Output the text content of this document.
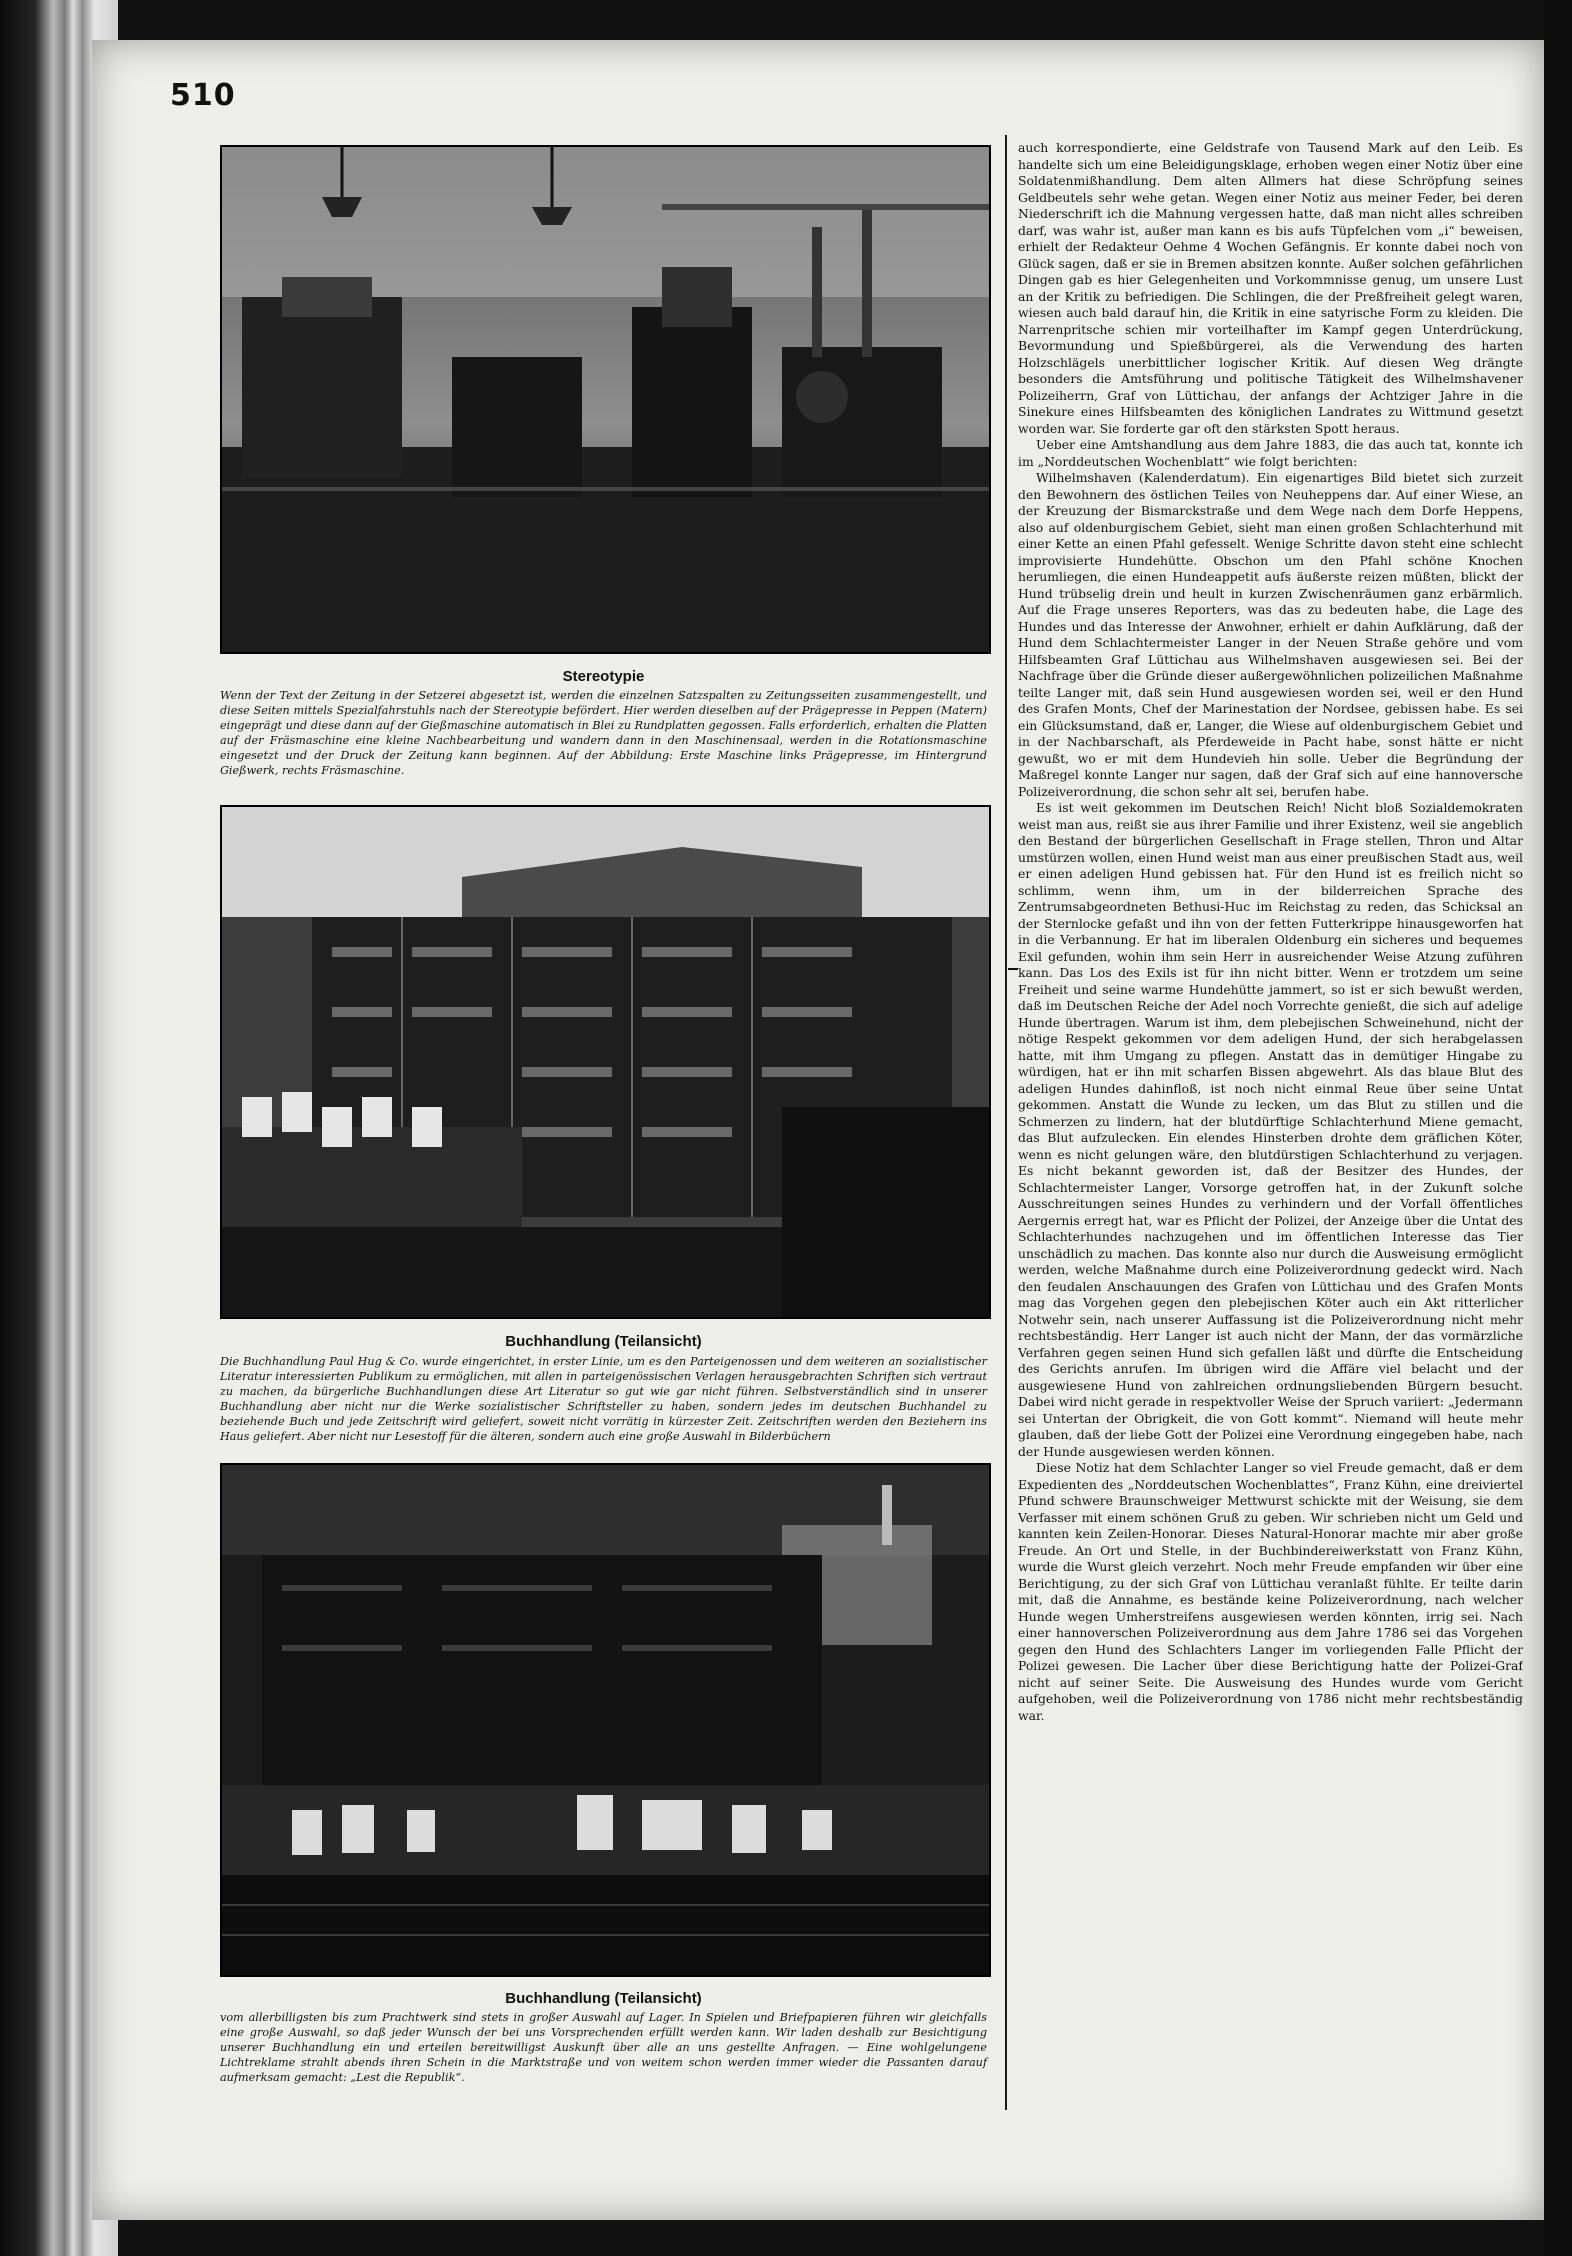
510
Stereotypie
Wenn der Text der Zeitung in der Setzerei abgesetzt ist, werden die einzelnen Satzspalten zu Zeitungsseiten zusammengestellt, und diese Seiten mittels Spezialfahrstuhls nach der Stereotypie befördert. Hier werden dieselben auf der Prägepresse in Peppen (Matern) eingeprägt und diese dann auf der Gießmaschine automatisch in Blei zu Rundplatten gegossen. Falls erforderlich, erhalten die Platten auf der Fräsmaschine eine kleine Nachbearbeitung und wandern dann in den Maschinensaal, werden in die Rotationsmaschine eingesetzt und der Druck der Zeitung kann beginnen. Auf der Abbildung: Erste Maschine links Prägepresse, im Hintergrund Gießwerk, rechts Fräsmaschine.
Buchhandlung (Teilansicht)
Die Buchhandlung Paul Hug & Co. wurde eingerichtet, in erster Linie, um es den Parteigenossen und dem weiteren an sozialistischer Literatur interessierten Publikum zu ermöglichen, mit allen in parteigenössischen Verlagen herausgebrachten Schriften sich vertraut zu machen, da bürgerliche Buchhandlungen diese Art Literatur so gut wie gar nicht führen. Selbstverständlich sind in unserer Buchhandlung aber nicht nur die Werke sozialistischer Schriftsteller zu haben, sondern jedes im deutschen Buchhandel zu beziehende Buch und jede Zeitschrift wird geliefert, soweit nicht vorrätig in kürzester Zeit. Zeitschriften werden den Beziehern ins Haus geliefert. Aber nicht nur Lesestoff für die älteren, sondern auch eine große Auswahl in Bilderbüchern
Buchhandlung (Teilansicht)
vom allerbilligsten bis zum Prachtwerk sind stets in großer Auswahl auf Lager. In Spielen und Briefpapieren führen wir gleichfalls eine große Auswahl, so daß jeder Wunsch der bei uns Vorsprechenden erfüllt werden kann. Wir laden deshalb zur Besichtigung unserer Buchhandlung ein und erteilen bereitwilligst Auskunft über alle an uns gestellte Anfragen. — Eine wohlgelungene Lichtreklame strahlt abends ihren Schein in die Marktstraße und von weitem schon werden immer wieder die Passanten darauf aufmerksam gemacht: „Lest die Republik“.

auch korrespondierte, eine Geldstrafe von Tausend Mark auf den Leib. Es handelte sich um eine Beleidigungsklage, erhoben wegen einer Notiz über eine Soldatenmißhandlung. Dem alten Allmers hat diese Schröpfung seines Geldbeutels sehr wehe getan. Wegen einer Notiz aus meiner Feder, bei deren Niederschrift ich die Mahnung vergessen hatte, daß man nicht alles schreiben darf, was wahr ist, außer man kann es bis aufs Tüpfelchen vom „i“ beweisen, erhielt der Redakteur Oehme 4 Wochen Gefängnis. Er konnte dabei noch von Glück sagen, daß er sie in Bremen absitzen konnte. Außer solchen gefährlichen Dingen gab es hier Gelegenheiten und Vorkommnisse genug, um unsere Lust an der Kritik zu befriedigen. Die Schlingen, die der Preßfreiheit gelegt waren, wiesen auch bald darauf hin, die Kritik in eine satyrische Form zu kleiden. Die Narrenpritsche schien mir vorteilhafter im Kampf gegen Unterdrückung, Bevormundung und Spießbürgerei, als die Verwendung des harten Holzschlägels unerbittlicher logischer Kritik. Auf diesen Weg drängte besonders die Amtsführung und politische Tätigkeit des Wilhelmshavener Polizeiherrn, Graf von Lüttichau, der anfangs der Achtziger Jahre in die Sinekure eines Hilfsbeamten des königlichen Landrates zu Wittmund gesetzt worden war. Sie forderte gar oft den stärksten Spott heraus.

Ueber eine Amtshandlung aus dem Jahre 1883, die das auch tat, konnte ich im „Norddeutschen Wochenblatt“ wie folgt berichten:

Wilhelmshaven (Kalenderdatum). Ein eigenartiges Bild bietet sich zurzeit den Bewohnern des östlichen Teiles von Neuheppens dar. Auf einer Wiese, an der Kreuzung der Bismarckstraße und dem Wege nach dem Dorfe Heppens, also auf oldenburgischem Gebiet, sieht man einen großen Schlachterhund mit einer Kette an einen Pfahl gefesselt. Wenige Schritte davon steht eine schlecht improvisierte Hundehütte. Obschon um den Pfahl schöne Knochen herumliegen, die einen Hundeappetit aufs äußerste reizen müßten, blickt der Hund trübselig drein und heult in kurzen Zwischenräumen ganz erbärmlich. Auf die Frage unseres Reporters, was das zu bedeuten habe, die Lage des Hundes und das Interesse der Anwohner, erhielt er dahin Aufklärung, daß der Hund dem Schlachtermeister Langer in der Neuen Straße gehöre und vom Hilfsbeamten Graf Lüttichau aus Wilhelmshaven ausgewiesen sei. Bei der Nachfrage über die Gründe dieser außergewöhnlichen polizeilichen Maßnahme teilte Langer mit, daß sein Hund ausgewiesen worden sei, weil er den Hund des Grafen Monts, Chef der Marinestation der Nordsee, gebissen habe. Es sei ein Glücksumstand, daß er, Langer, die Wiese auf oldenburgischem Gebiet und in der Nachbarschaft, als Pferdeweide in Pacht habe, sonst hätte er nicht gewußt, wo er mit dem Hundevieh hin solle. Ueber die Begründung der Maßregel konnte Langer nur sagen, daß der Graf sich auf eine hannoversche Polizeiverordnung, die schon sehr alt sei, berufen habe.

Es ist weit gekommen im Deutschen Reich! Nicht bloß Sozialdemokraten weist man aus, reißt sie aus ihrer Familie und ihrer Existenz, weil sie angeblich den Bestand der bürgerlichen Gesellschaft in Frage stellen, Thron und Altar umstürzen wollen, einen Hund weist man aus einer preußischen Stadt aus, weil er einen adeligen Hund gebissen hat. Für den Hund ist es freilich nicht so schlimm, wenn ihm, um in der bilderreichen Sprache des Zentrumsabgeordneten Bethusi-Huc im Reichstag zu reden, das Schicksal an der Sternlocke gefaßt und ihn von der fetten Futterkrippe hinausgeworfen hat in die Verbannung. Er hat im liberalen Oldenburg ein sicheres und bequemes Exil gefunden, wohin ihm sein Herr in ausreichender Weise Atzung zuführen kann. Das Los des Exils ist für ihn nicht bitter. Wenn er trotzdem um seine Freiheit und seine warme Hundehütte jammert, so ist er sich bewußt werden, daß im Deutschen Reiche der Adel noch Vorrechte genießt, die sich auf adelige Hunde übertragen. Warum ist ihm, dem plebejischen Schweinehund, nicht der nötige Respekt gekommen vor dem adeligen Hund, der sich herabgelassen hatte, mit ihm Umgang zu pflegen. Anstatt das in demütiger Hingabe zu würdigen, hat er ihn mit scharfen Bissen abgewehrt. Als das blaue Blut des adeligen Hundes dahinfloß, ist noch nicht einmal Reue über seine Untat gekommen. Anstatt die Wunde zu lecken, um das Blut zu stillen und die Schmerzen zu lindern, hat der blutdürftige Schlachterhund Miene gemacht, das Blut aufzulecken. Ein elendes Hinsterben drohte dem gräflichen Köter, wenn es nicht gelungen wäre, den blutdürstigen Schlachterhund zu verjagen. Es nicht bekannt geworden ist, daß der Besitzer des Hundes, der Schlachtermeister Langer, Vorsorge getroffen hat, in der Zukunft solche Ausschreitungen seines Hundes zu verhindern und der Vorfall öffentliches Aergernis erregt hat, war es Pflicht der Polizei, der Anzeige über die Untat des Schlachterhundes nachzugehen und im öffentlichen Interesse das Tier unschädlich zu machen. Das konnte also nur durch die Ausweisung ermöglicht werden, welche Maßnahme durch eine Polizeiverordnung gedeckt wird. Nach den feudalen Anschauungen des Grafen von Lüttichau und des Grafen Monts mag das Vorgehen gegen den plebejischen Köter auch ein Akt ritterlicher Notwehr sein, nach unserer Auffassung ist die Polizeiverordnung nicht mehr rechtsbeständig. Herr Langer ist auch nicht der Mann, der das vormärzliche Verfahren gegen seinen Hund sich gefallen läßt und dürfte die Entscheidung des Gerichts anrufen. Im übrigen wird die Affäre viel belacht und der ausgewiesene Hund von zahlreichen ordnungsliebenden Bürgern besucht. Dabei wird nicht gerade in respektvoller Weise der Spruch variiert: „Jedermann sei Untertan der Obrigkeit, die von Gott kommt“. Niemand will heute mehr glauben, daß der liebe Gott der Polizei eine Verordnung eingegeben habe, nach der Hunde ausgewiesen werden können.

Diese Notiz hat dem Schlachter Langer so viel Freude gemacht, daß er dem Expedienten des „Norddeutschen Wochenblattes“, Franz Kühn, eine dreiviertel Pfund schwere Braunschweiger Mettwurst schickte mit der Weisung, sie dem Verfasser mit einem schönen Gruß zu geben. Wir schrieben nicht um Geld und kannten kein Zeilen-Honorar. Dieses Natural-Honorar machte mir aber große Freude. An Ort und Stelle, in der Buchbindereiwerkstatt von Franz Kühn, wurde die Wurst gleich verzehrt. Noch mehr Freude empfanden wir über eine Berichtigung, zu der sich Graf von Lüttichau veranlaßt fühlte. Er teilte darin mit, daß die Annahme, es bestände keine Polizeiverordnung, nach welcher Hunde wegen Umherstreifens ausgewiesen werden könnten, irrig sei. Nach einer hannoverschen Polizeiverordnung aus dem Jahre 1786 sei das Vorgehen gegen den Hund des Schlachters Langer im vorliegenden Falle Pflicht der Polizei gewesen. Die Lacher über diese Berichtigung hatte der Polizei-Graf nicht auf seiner Seite. Die Ausweisung des Hundes wurde vom Gericht aufgehoben, weil die Polizeiverordnung von 1786 nicht mehr rechtsbeständig war.
